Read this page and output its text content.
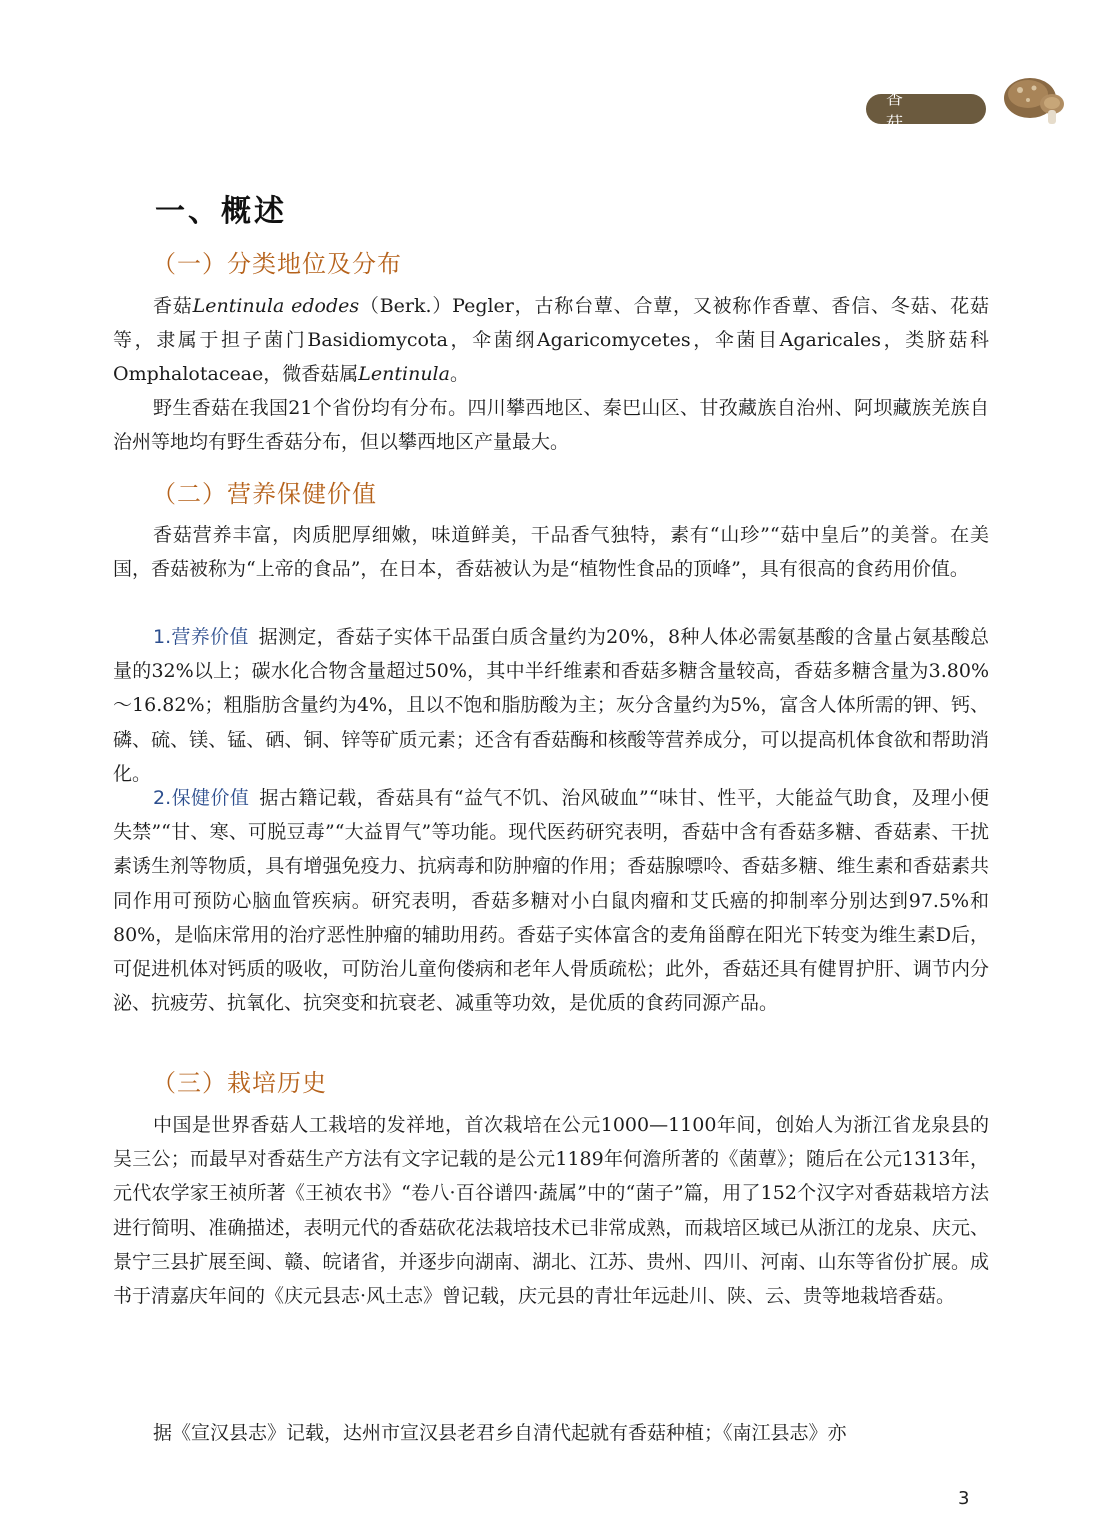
香 菇
一、概述
（一）分类地位及分布

香菇Lentinula edodes（Berk.）Pegler，古称台蕈、合蕈，又被称作香蕈、香信、冬菇、花菇等，隶属于担子菌门Basidiomycota，伞菌纲Agaricomycetes，伞菌目Agaricales，类脐菇科Omphalotaceae，微香菇属Lentinula。

野生香菇在我国21个省份均有分布。四川攀西地区、秦巴山区、甘孜藏族自治州、阿坝藏族羌族自治州等地均有野生香菇分布，但以攀西地区产量最大。

（二）营养保健价值

香菇营养丰富，肉质肥厚细嫩，味道鲜美，干品香气独特，素有“山珍”“菇中皇后”的美誉。在美国，香菇被称为“上帝的食品”，在日本，香菇被认为是“植物性食品的顶峰”，具有很高的食药用价值。

1.营养价值 据测定，香菇子实体干品蛋白质含量约为20%，8种人体必需氨基酸的含量占氨基酸总量的32%以上；碳水化合物含量超过50%，其中半纤维素和香菇多糖含量较高，香菇多糖含量为3.80%～16.82%；粗脂肪含量约为4%，且以不饱和脂肪酸为主；灰分含量约为5%，富含人体所需的钾、钙、磷、硫、镁、锰、硒、铜、锌等矿质元素；还含有香菇酶和核酸等营养成分，可以提高机体食欲和帮助消化。

2.保健价值 据古籍记载，香菇具有“益气不饥、治风破血”“味甘、性平，大能益气助食，及理小便失禁”“甘、寒、可脱豆毒”“大益胃气”等功能。现代医药研究表明，香菇中含有香菇多糖、香菇素、干扰素诱生剂等物质，具有增强免疫力、抗病毒和防肿瘤的作用；香菇腺嘌呤、香菇多糖、维生素和香菇素共同作用可预防心脑血管疾病。研究表明，香菇多糖对小白鼠肉瘤和艾氏癌的抑制率分别达到97.5%和80%，是临床常用的治疗恶性肿瘤的辅助用药。香菇子实体富含的麦角甾醇在阳光下转变为维生素D后，可促进机体对钙质的吸收，可防治儿童佝偻病和老年人骨质疏松；此外，香菇还具有健胃护肝、调节内分泌、抗疲劳、抗氧化、抗突变和抗衰老、减重等功效，是优质的食药同源产品。

（三）栽培历史

中国是世界香菇人工栽培的发祥地，首次栽培在公元1000—1100年间，创始人为浙江省龙泉县的吴三公；而最早对香菇生产方法有文字记载的是公元1189年何澹所著的《菌蕈》；随后在公元1313年，元代农学家王祯所著《王祯农书》“卷八·百谷谱四·蔬属”中的“菌子”篇，用了152个汉字对香菇栽培方法进行简明、准确描述，表明元代的香菇砍花法栽培技术已非常成熟，而栽培区域已从浙江的龙泉、庆元、景宁三县扩展至闽、赣、皖诸省，并逐步向湖南、湖北、江苏、贵州、四川、河南、山东等省份扩展。成书于清嘉庆年间的《庆元县志·风土志》曾记载，庆元县的青壮年远赴川、陕、云、贵等地栽培香菇。

据《宣汉县志》记载，达州市宣汉县老君乡自清代起就有香菇种植；《南江县志》亦

3
